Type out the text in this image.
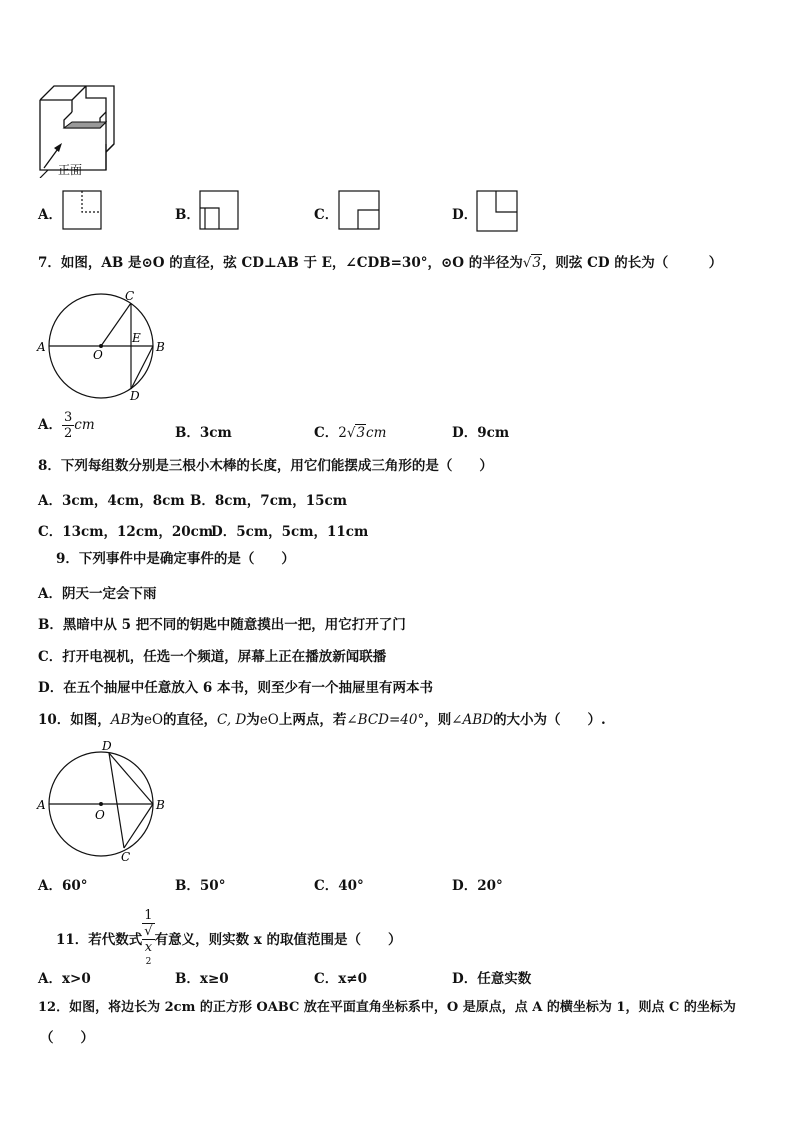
正面
A．	B．	C．	D．
7．如图，AB 是⊙O 的直径，弦 CD⊥AB 于 E，∠CDB=30°，⊙O 的半径为√3，则弦 CD 的长为（　　　）
A	B
C
D
E
O
A． $\frac{3}{2}$ cm	B．3cm	C．2√3cm	D．9cm
8．下列每组数分别是三根小木棒的长度，用它们能摆成三角形的是（　　）
A．3cm，4cm，8cm B．8cm，7cm，15cm
C．13cm，12cm，20cm
D．5cm，5cm，11cm
9．下列事件中是确定事件的是（　　）
A．阴天一定会下雨
B．黑暗中从 5 把不同的钥匙中随意摸出一把，用它打开了门
C．打开电视机，任选一个频道，屏幕上正在播放新闻联播
D．在五个抽屉中任意放入 6 本书，则至少有一个抽屉里有两本书
10．如图，AB为eO的直径，C, D为eO上两点，若∠BCD=40°，则∠ABD的大小为（　　）.
A	B
D
C
O
A．60°	B．50°	C．40°	D．20°
11．若代数式 1
√
x
$^2$ 有意义，则实数 x 的取值范围是（　　）
A．x>0	B．x≥0	C．x≠0	D．任意实数
12．如图，将边长为 2cm 的正方形 OABC 放在平面直角坐标系中，O 是原点，点 A 的横坐标为 1，则点 C 的坐标为
（　　）
